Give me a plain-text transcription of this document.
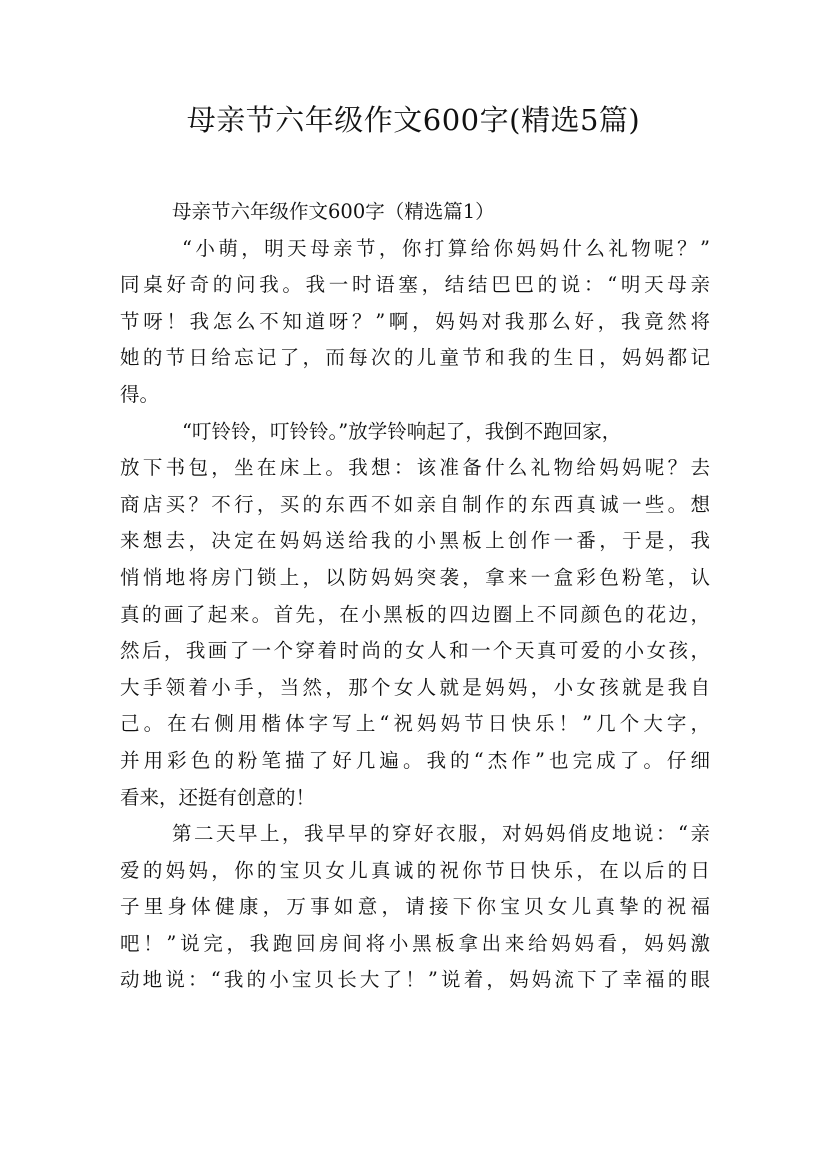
母亲节六年级作文600字(精选5篇)
母亲节六年级作文600字（精选篇1）
“小萌，明天母亲节，你打算给你妈妈什么礼物呢？”
同桌好奇的问我。我一时语塞，结结巴巴的说：“明天母亲
节呀！我怎么不知道呀？”啊，妈妈对我那么好，我竟然将
她的节日给忘记了，而每次的儿童节和我的生日，妈妈都记
得。
“叮铃铃，叮铃铃。”放学铃响起了，我倒不跑回家，
放下书包，坐在床上。我想：该准备什么礼物给妈妈呢？去
商店买？不行，买的东西不如亲自制作的东西真诚一些。想
来想去，决定在妈妈送给我的小黑板上创作一番，于是，我
悄悄地将房门锁上，以防妈妈突袭，拿来一盒彩色粉笔，认
真的画了起来。首先，在小黑板的四边圈上不同颜色的花边，
然后，我画了一个穿着时尚的女人和一个天真可爱的小女孩，
大手领着小手，当然，那个女人就是妈妈，小女孩就是我自
己。在右侧用楷体字写上“祝妈妈节日快乐！”几个大字，
并用彩色的粉笔描了好几遍。我的“杰作”也完成了。仔细
看来，还挺有创意的！
第二天早上，我早早的穿好衣服，对妈妈俏皮地说：“亲
爱的妈妈，你的宝贝女儿真诚的祝你节日快乐，在以后的日
子里身体健康，万事如意，请接下你宝贝女儿真挚的祝福
吧！”说完，我跑回房间将小黑板拿出来给妈妈看，妈妈激
动地说：“我的小宝贝长大了！”说着，妈妈流下了幸福的眼
